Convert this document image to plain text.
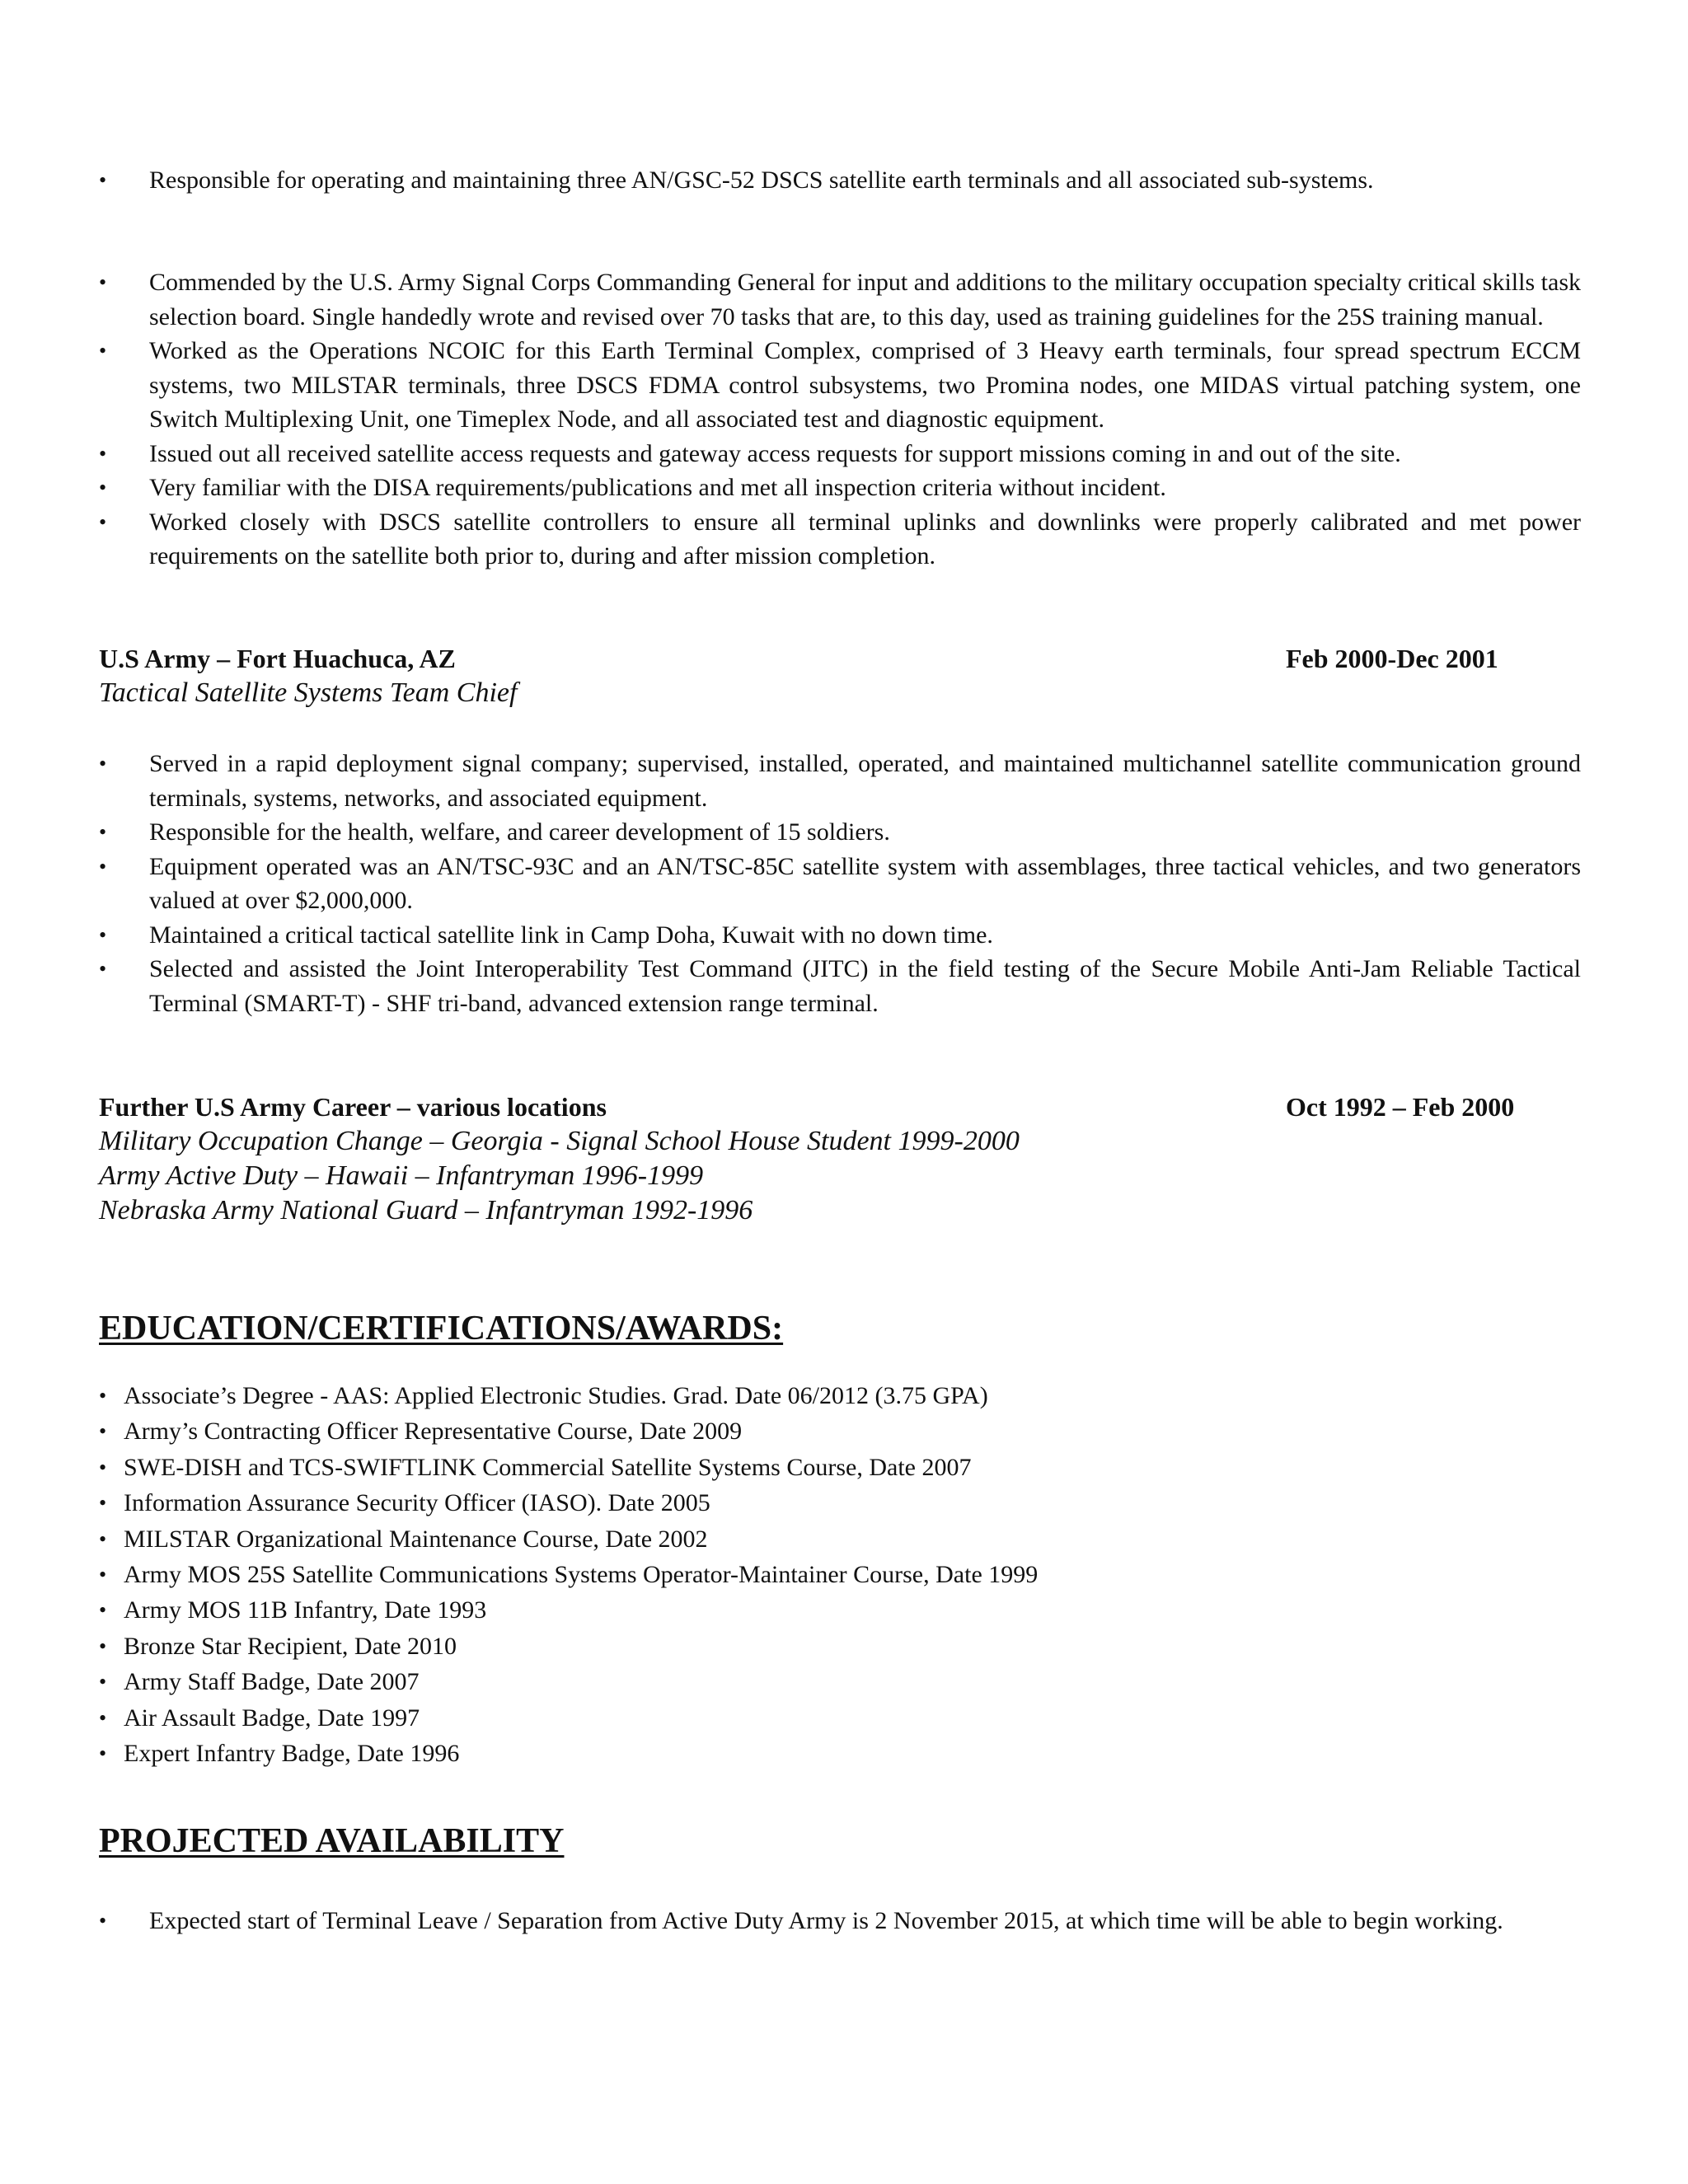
• Responsible for operating and maintaining three AN/GSC-52 DSCS satellite earth terminals and all associated sub-systems.
• Commended by the U.S. Army Signal Corps Commanding General for input and additions to the military occupation specialty critical skills task selection board. Single handedly wrote and revised over 70 tasks that are, to this day, used as training guidelines for the 25S training manual.
• Worked as the Operations NCOIC for this Earth Terminal Complex, comprised of 3 Heavy earth terminals, four spread spectrum ECCM systems, two MILSTAR terminals, three DSCS FDMA control subsystems, two Promina nodes, one MIDAS virtual patching system, one Switch Multiplexing Unit, one Timeplex Node, and all associated test and diagnostic equipment.
• Issued out all received satellite access requests and gateway access requests for support missions coming in and out of the site.
• Very familiar with the DISA requirements/publications and met all inspection criteria without incident.
• Worked closely with DSCS satellite controllers to ensure all terminal uplinks and downlinks were properly calibrated and met power requirements on the satellite both prior to, during and after mission completion.
U.S Army – Fort Huachuca, AZ	Feb 2000-Dec 2001
Tactical Satellite Systems Team Chief
• Served in a rapid deployment signal company; supervised, installed, operated, and maintained multichannel satellite communication ground terminals, systems, networks, and associated equipment.
• Responsible for the health, welfare, and career development of 15 soldiers.
• Equipment operated was an AN/TSC-93C and an AN/TSC-85C satellite system with assemblages, three tactical vehicles, and two generators valued at over $2,000,000.
• Maintained a critical tactical satellite link in Camp Doha, Kuwait with no down time.
• Selected and assisted the Joint Interoperability Test Command (JITC) in the field testing of the Secure Mobile Anti-Jam Reliable Tactical Terminal (SMART-T) - SHF tri-band, advanced extension range terminal.
Further U.S Army Career – various locations	Oct 1992 – Feb 2000
Military Occupation Change – Georgia - Signal School House Student 1999-2000
Army Active Duty – Hawaii – Infantryman 1996-1999
Nebraska Army National Guard – Infantryman 1992-1996
EDUCATION/CERTIFICATIONS/AWARDS:
• Associate’s Degree - AAS: Applied Electronic Studies. Grad. Date 06/2012 (3.75 GPA)
• Army’s Contracting Officer Representative Course, Date 2009
• SWE-DISH and TCS-SWIFTLINK Commercial Satellite Systems Course, Date 2007
• Information Assurance Security Officer (IASO). Date 2005
• MILSTAR Organizational Maintenance Course, Date 2002
• Army MOS 25S Satellite Communications Systems Operator-Maintainer Course, Date 1999
• Army MOS 11B Infantry, Date 1993
• Bronze Star Recipient, Date 2010
• Army Staff Badge, Date 2007
• Air Assault Badge, Date 1997
• Expert Infantry Badge, Date 1996
PROJECTED AVAILABILITY
• Expected start of Terminal Leave / Separation from Active Duty Army is 2 November 2015, at which time will be able to begin working.
